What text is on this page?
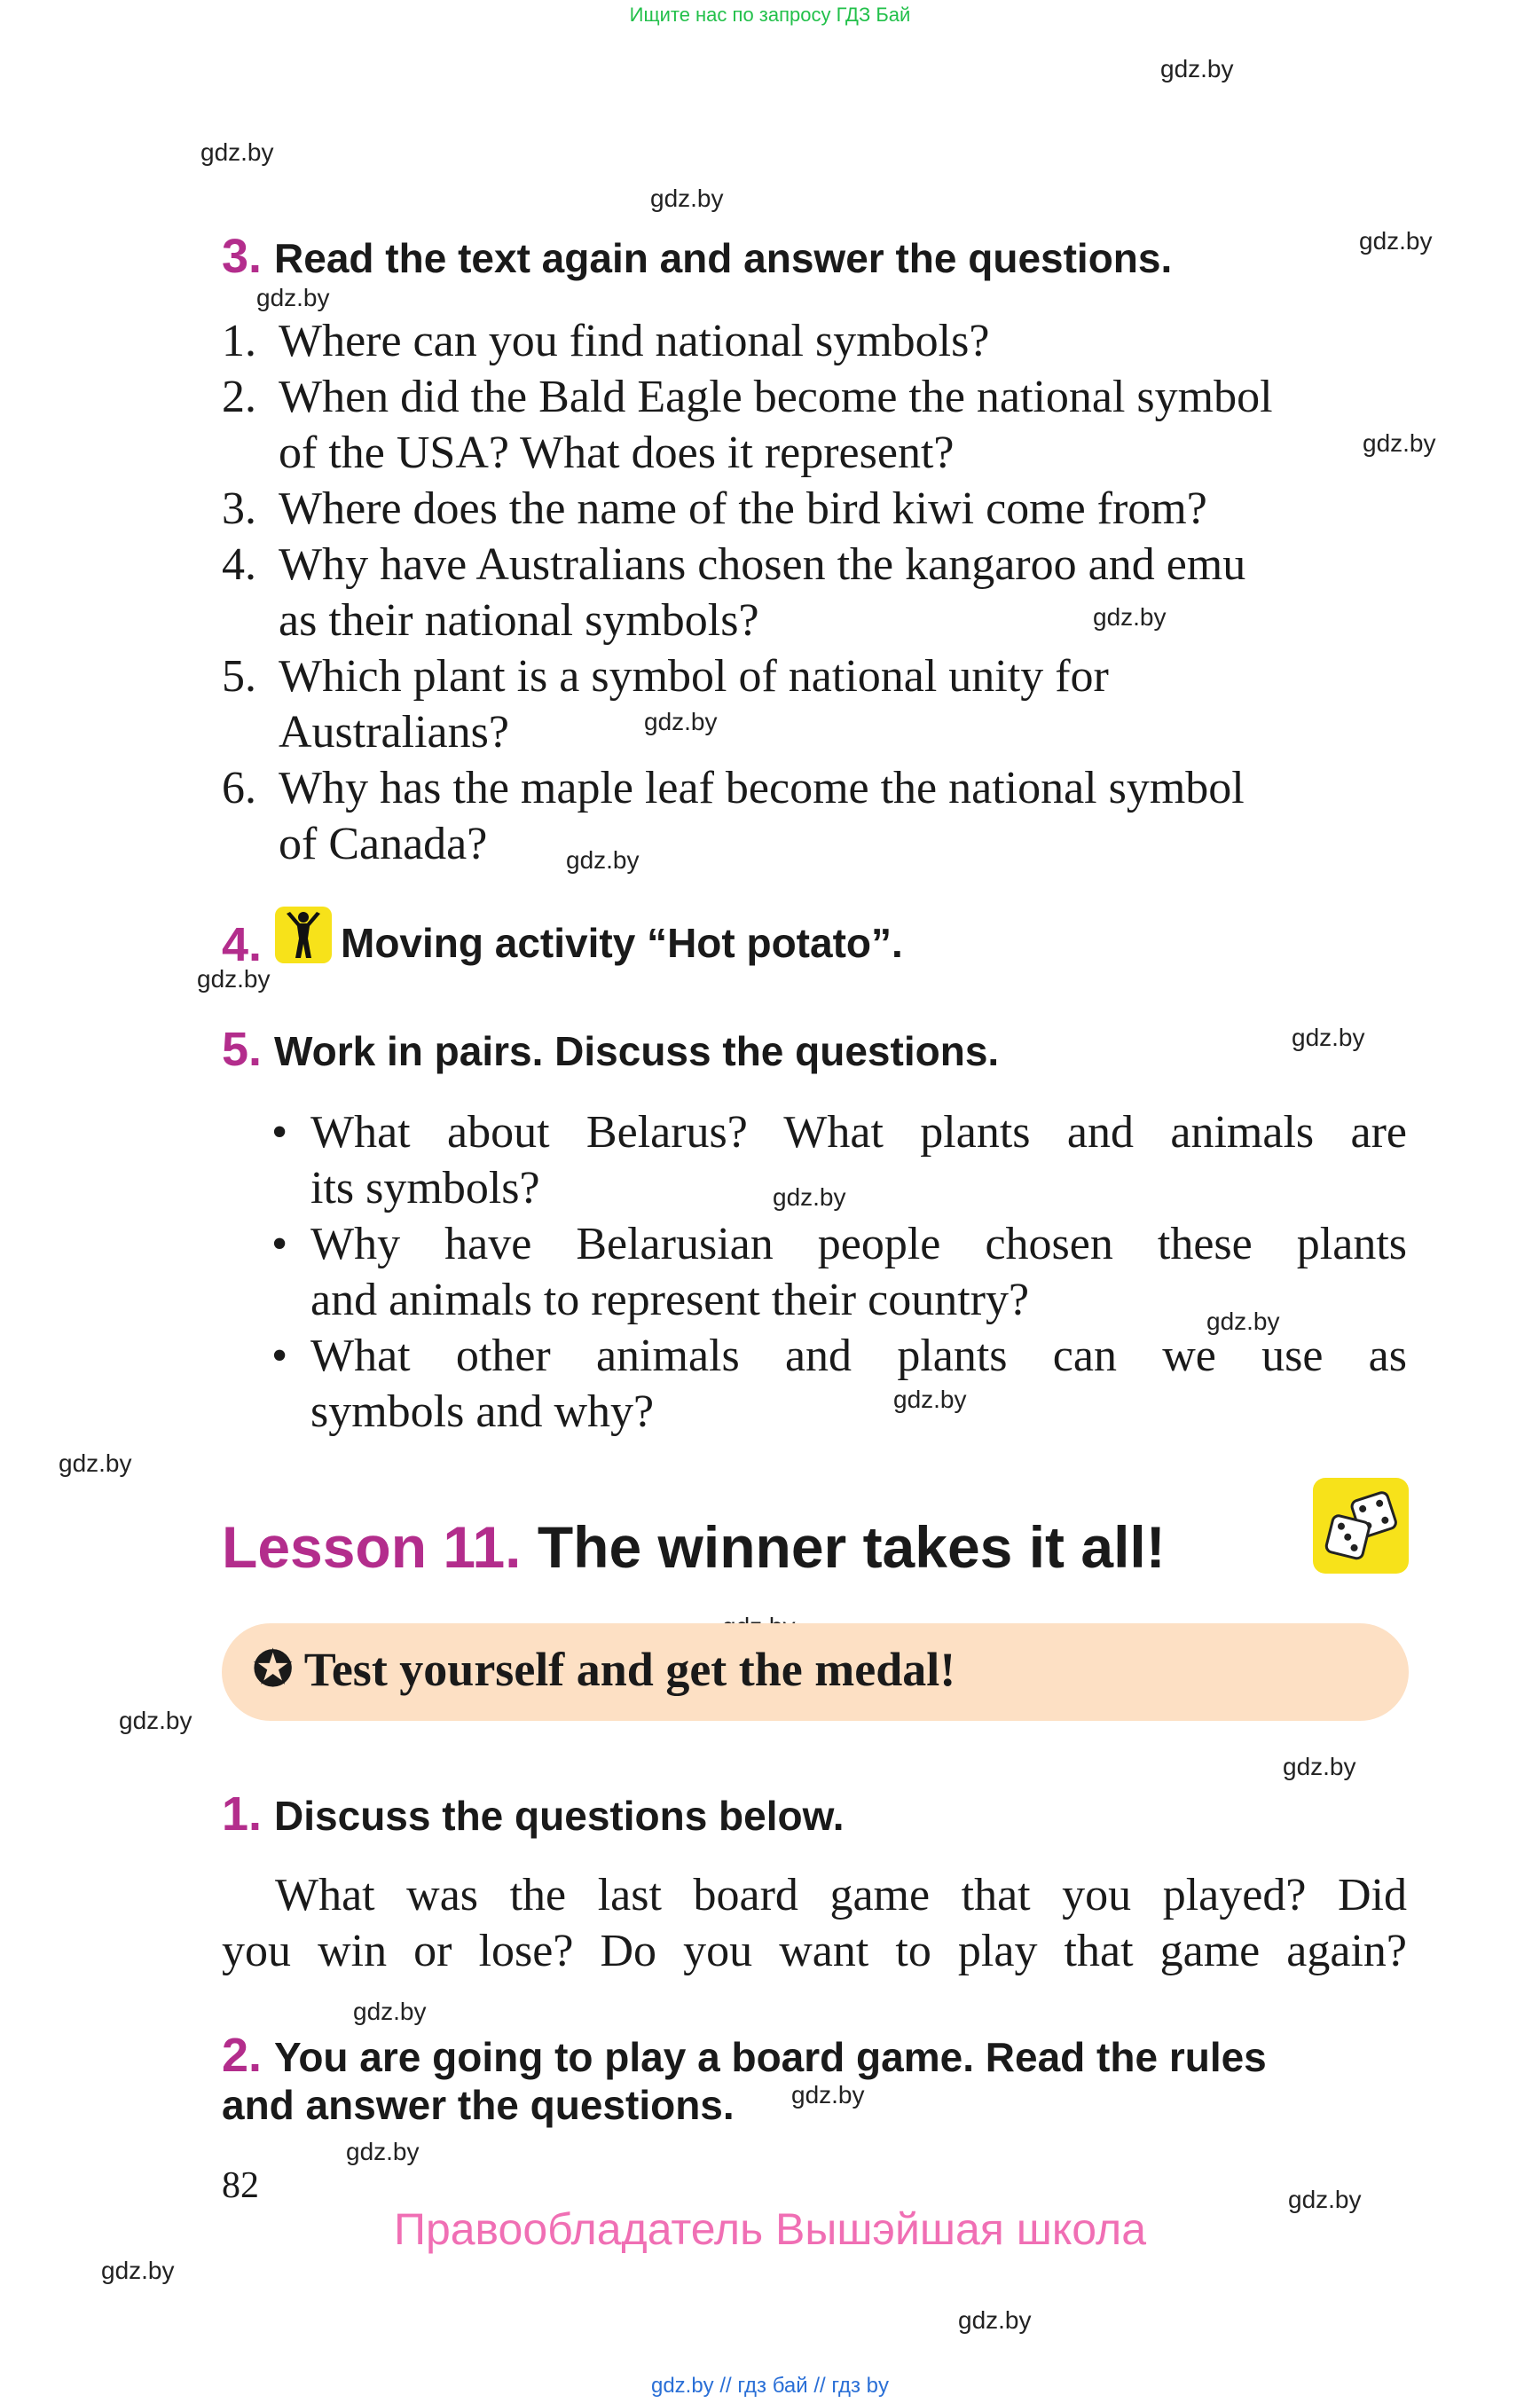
Ищите нас по запросу ГДЗ Бай
gdz.by
gdz.by
gdz.by
gdz.by
gdz.by
gdz.by
gdz.by
gdz.by
gdz.by
gdz.by
gdz.by
gdz.by
gdz.by
gdz.by
gdz.by
gdz.by
gdz.by
gdz.by
gdz.by
gdz.by
gdz.by
gdz.by
gdz.by
3. Read the text again and answer the questions.
1. Where can you find national symbols?
2. When did the Bald Eagle become the national symbol
of the USA? What does it represent?
3. Where does the name of the bird kiwi come from?
4. Why have Australians chosen the kangaroo and emu
as their national symbols?
5. Which plant is a symbol of national unity for
Australians?
6. Why has the maple leaf become the national symbol
of Canada?
4.	Moving activity “Hot potato”.
5. Work in pairs. Discuss the questions.
• What about Belarus? What plants and animals are
its symbols?
• Why have Belarusian people chosen these plants
and animals to represent their country?
• What other animals and plants can we use as
symbols and why?
Lesson 11. The winner takes it all!
✪ Test yourself and get the medal!
1. Discuss the questions below.
What was the last board game that you played? Did
you win or lose? Do you want to play that game again?
2. You are going to play a board game. Read the rules
and answer the questions.
82
Правообладатель Вышэйшая школа
gdz.by // гдз бай // гдз by
